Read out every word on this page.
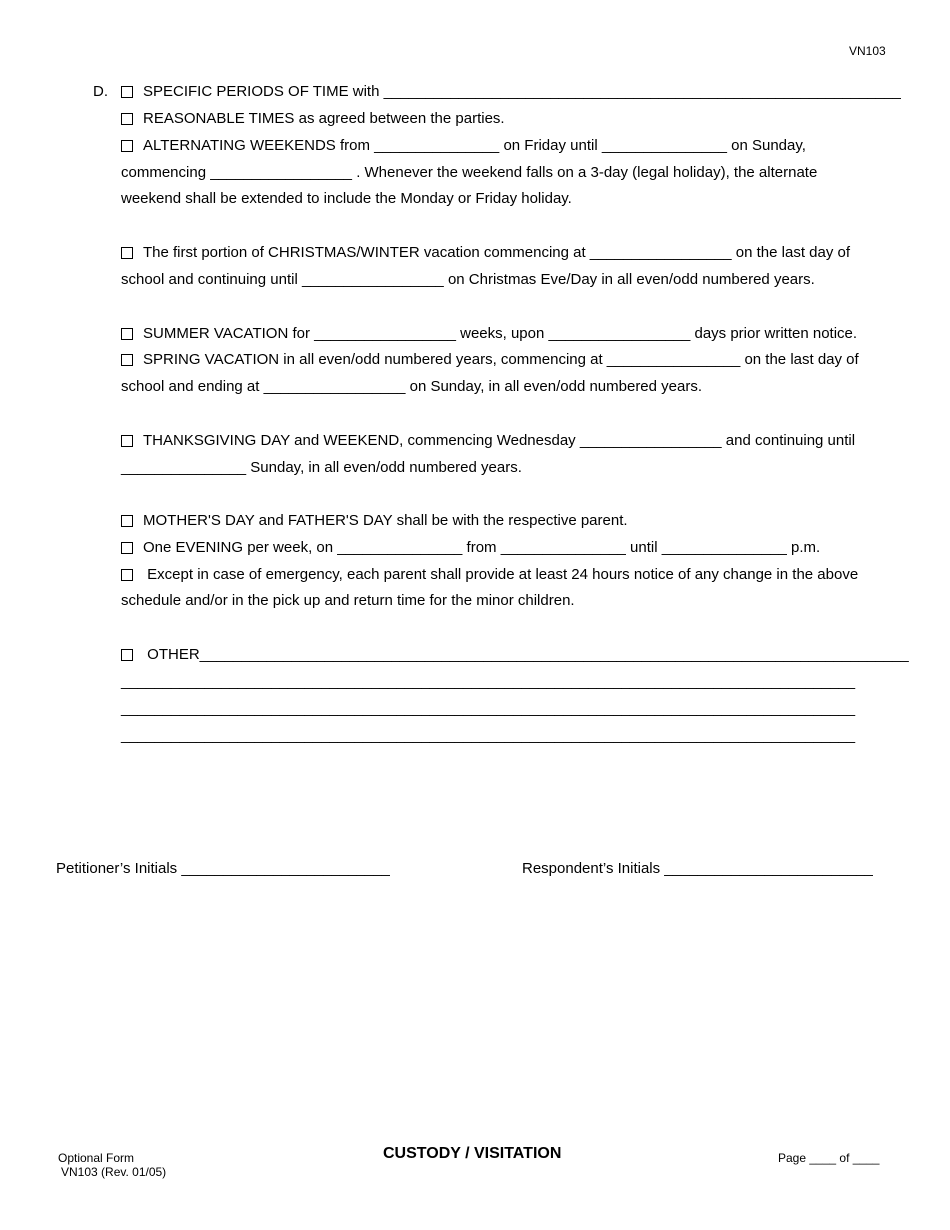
VN103
D.	SPECIFIC PERIODS OF TIME with ______________________________________________________________
REASONABLE TIMES as agreed between the parties.
ALTERNATING WEEKENDS from _______________ on Friday until _______________ on Sunday,
commencing _________________ . Whenever the weekend falls on a 3-day (legal holiday), the alternate
weekend shall be extended to include the Monday or Friday holiday.
The first portion of CHRISTMAS/WINTER vacation commencing at _________________ on the last day of
school and continuing until _________________ on Christmas Eve/Day in all even/odd numbered years.
SUMMER VACATION for _________________ weeks, upon _________________ days prior written notice.
SPRING VACATION in all even/odd numbered years, commencing at ________________ on the last day of
school and ending at _________________ on Sunday, in all even/odd numbered years.
THANKSGIVING DAY and WEEKEND, commencing Wednesday _________________ and continuing until
_______________ Sunday, in all even/odd numbered years.
MOTHER'S DAY and FATHER'S DAY shall be with the respective parent.
One EVENING per week, on _______________ from _______________ until _______________ p.m.
Except in case of emergency, each parent shall provide at least 24 hours notice of any change in the above
schedule and/or in the pick up and return time for the minor children.
OTHER_____________________________________________________________________________________
________________________________________________________________________________________
________________________________________________________________________________________
________________________________________________________________________________________
Petitioner’s Initials _________________________	Respondent’s Initials _________________________
Optional Form
VN103 (Rev. 01/05)
CUSTODY / VISITATION	Page ____ of ____
